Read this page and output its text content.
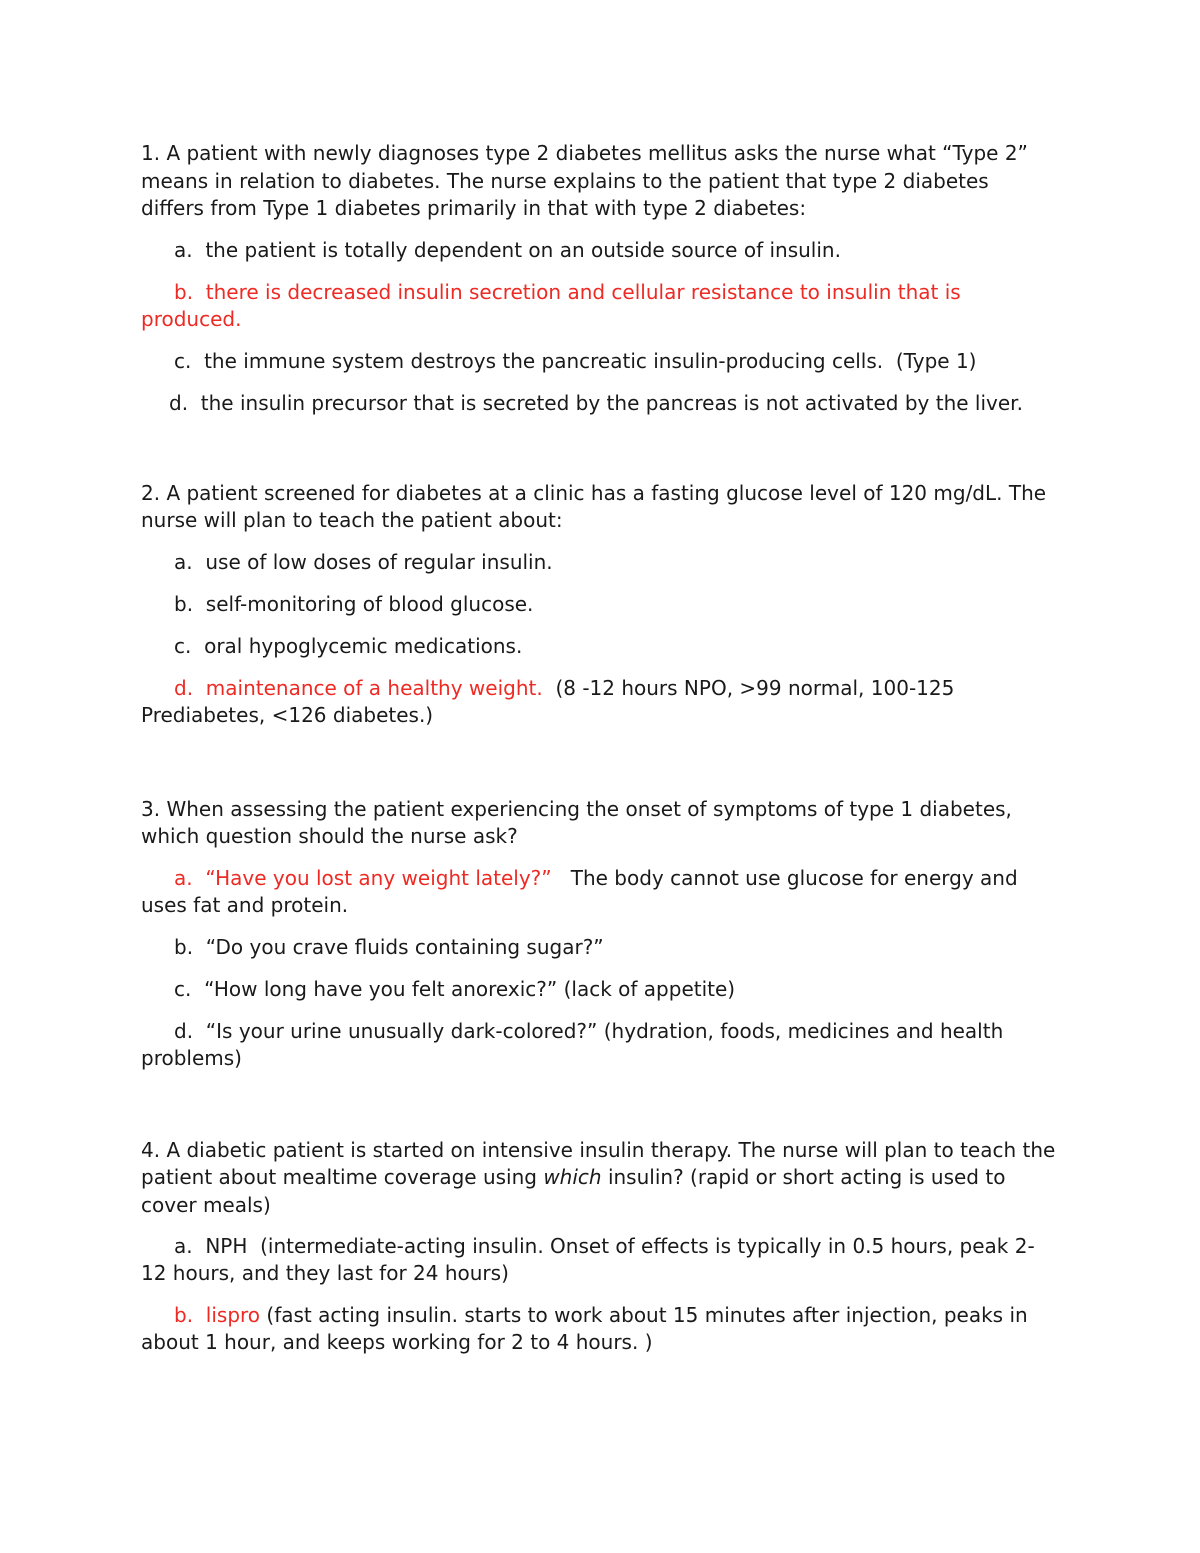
1. A patient with newly diagnoses type 2 diabetes mellitus asks the nurse what “Type 2” means in relation to diabetes. The nurse explains to the patient that type 2 diabetes differs from Type 1 diabetes primarily in that with type 2 diabetes:

a. the patient is totally dependent on an outside source of insulin.

b. there is decreased insulin secretion and cellular resistance to insulin that is produced.

c. the immune system destroys the pancreatic insulin-producing cells. (Type 1)

d. the insulin precursor that is secreted by the pancreas is not activated by the liver.

2. A patient screened for diabetes at a clinic has a fasting glucose level of 120 mg/dL. The nurse will plan to teach the patient about:

a. use of low doses of regular insulin.

b. self-monitoring of blood glucose.

c. oral hypoglycemic medications.

d. maintenance of a healthy weight. (8 -12 hours NPO, >99 normal, 100-125 Prediabetes, <126 diabetes.)

3. When assessing the patient experiencing the onset of symptoms of type 1 diabetes, which question should the nurse ask?

a. “Have you lost any weight lately?” The body cannot use glucose for energy and uses fat and protein.

b. “Do you crave fluids containing sugar?”

c. “How long have you felt anorexic?” (lack of appetite)

d. “Is your urine unusually dark-colored?” (hydration, foods, medicines and health problems)

4. A diabetic patient is started on intensive insulin therapy. The nurse will plan to teach the patient about mealtime coverage using which insulin? (rapid or short acting is used to cover meals)

a. NPH (intermediate-acting insulin. Onset of effects is typically in 0.5 hours, peak 2-12 hours, and they last for 24 hours)

b. lispro (fast acting insulin. starts to work about 15 minutes after injection, peaks in about 1 hour, and keeps working for 2 to 4 hours. )
